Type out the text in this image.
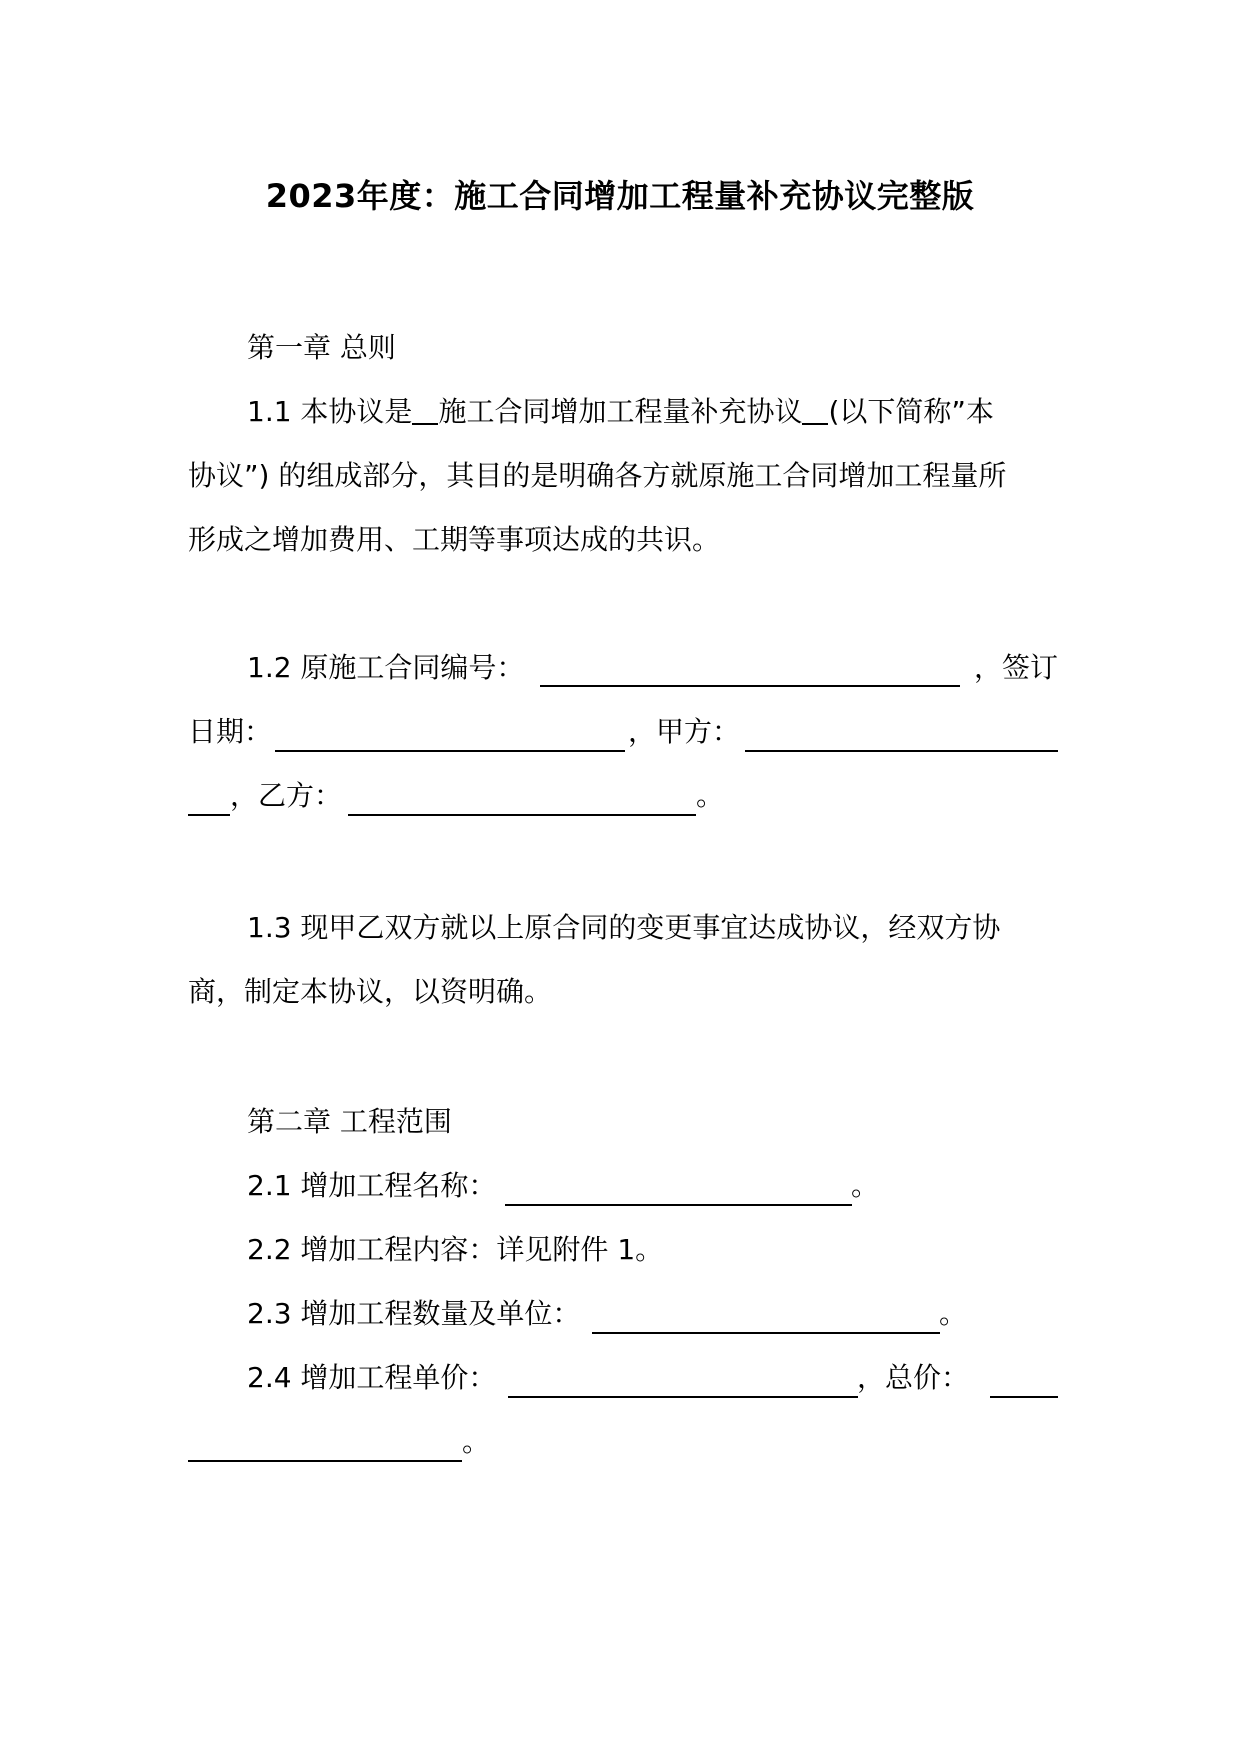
2023年度：施工合同增加工程量补充协议完整版
第一章 总则
1.1 本协议是 施工合同增加工程量补充协议 (以下简称”本
协议”) 的组成部分，其目的是明确各方就原施工合同增加工程量所
形成之增加费用、工期等事项达成的共识。
1.2 原施工合同编号：	，签订
日期：	，甲方：
，乙方：	。
1.3 现甲乙双方就以上原合同的变更事宜达成协议，经双方协
商，制定本协议，以资明确。
第二章 工程范围
2.1 增加工程名称：	。
2.2 增加工程内容：详见附件 1。
2.3 增加工程数量及单位：	。
2.4 增加工程单价：	，总价：
。
